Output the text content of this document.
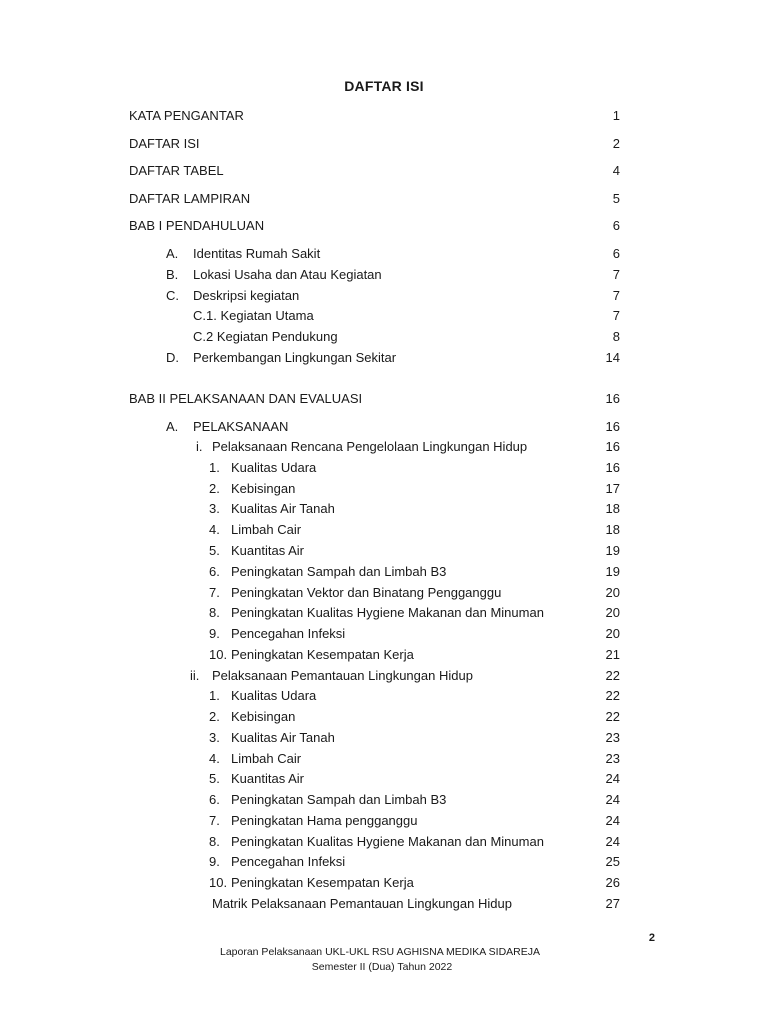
DAFTAR ISI
KATA PENGANTAR	1
DAFTAR ISI	2
DAFTAR TABEL	4
DAFTAR LAMPIRAN	5
BAB I PENDAHULUAN	6
A. Identitas Rumah Sakit	6
B. Lokasi Usaha dan Atau Kegiatan	7
C. Deskripsi kegiatan	7
C.1. Kegiatan Utama	7
C.2 Kegiatan Pendukung	8
D. Perkembangan Lingkungan Sekitar	14
BAB II PELAKSANAAN DAN EVALUASI	16
A. PELAKSANAAN	16
i. Pelaksanaan Rencana Pengelolaan Lingkungan Hidup	16
1. Kualitas Udara	16
2. Kebisingan	17
3. Kualitas Air Tanah	18
4. Limbah Cair	18
5. Kuantitas Air	19
6. Peningkatan Sampah dan Limbah B3	19
7. Peningkatan Vektor dan Binatang Pengganggu	20
8. Peningkatan Kualitas Hygiene Makanan dan Minuman	20
9. Pencegahan Infeksi	20
10. Peningkatan Kesempatan Kerja	21
ii. Pelaksanaan Pemantauan Lingkungan Hidup	22
1. Kualitas Udara	22
2. Kebisingan	22
3. Kualitas Air Tanah	23
4. Limbah Cair	23
5. Kuantitas Air	24
6. Peningkatan Sampah dan Limbah B3	24
7. Peningkatan Hama pengganggu	24
8. Peningkatan Kualitas Hygiene Makanan dan Minuman	24
9. Pencegahan Infeksi	25
10. Peningkatan Kesempatan Kerja	26
Matrik Pelaksanaan Pemantauan Lingkungan Hidup	27
2
Laporan Pelaksanaan UKL-UKL RSU AGHISNA MEDIKA SIDAREJA
Semester II (Dua) Tahun 2022
